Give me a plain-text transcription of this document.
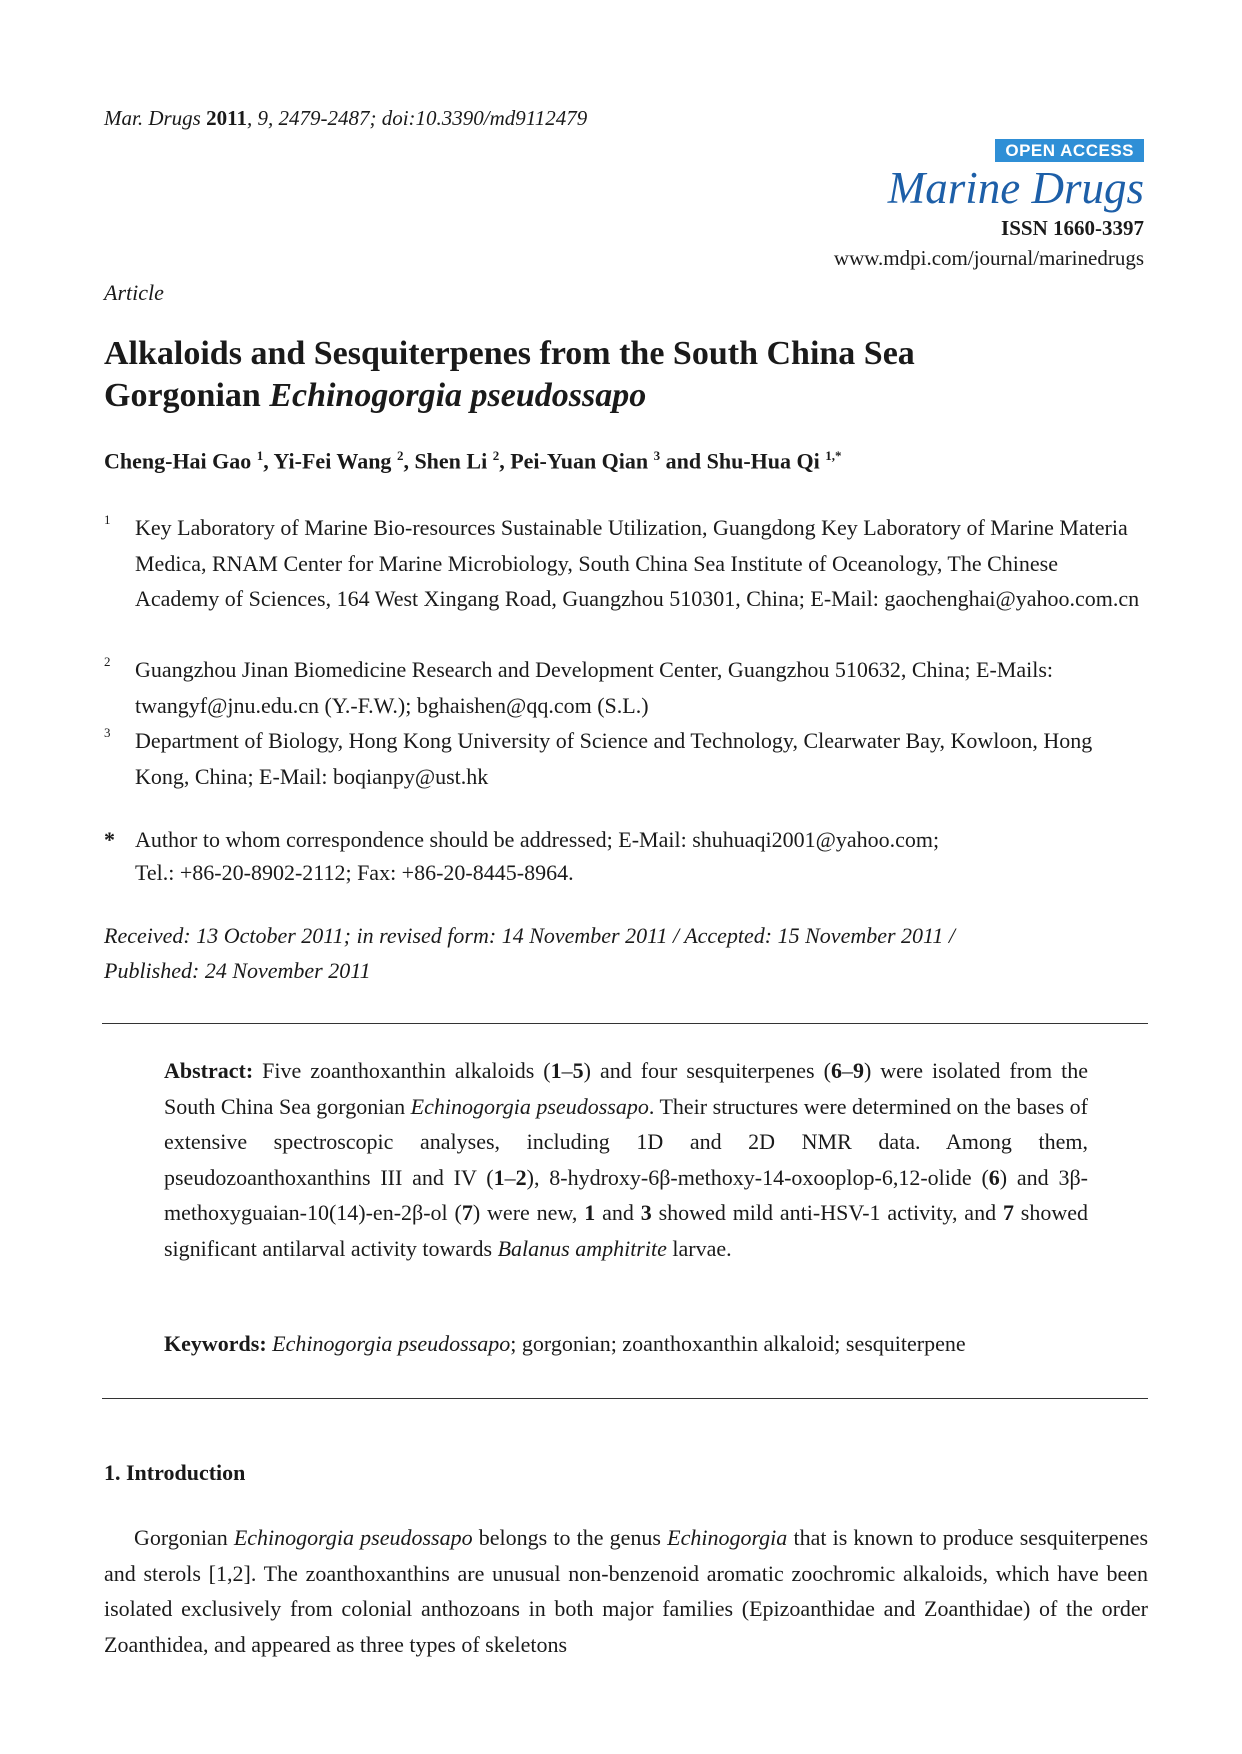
Mar. Drugs 2011, 9, 2479-2487; doi:10.3390/md9112479
OPEN ACCESS
Marine Drugs
ISSN 1660-3397
www.mdpi.com/journal/marinedrugs
Article
Alkaloids and Sesquiterpenes from the South China Sea
Gorgonian Echinogorgia pseudossapo
Cheng-Hai Gao $^1$, Yi-Fei Wang $^2$, Shen Li $^2$, Pei-Yuan Qian $^3$ and Shu-Hua Qi $^{1,*}$
1 Key Laboratory of Marine Bio-resources Sustainable Utilization, Guangdong Key Laboratory of Marine Materia Medica, RNAM Center for Marine Microbiology, South China Sea Institute of Oceanology, The Chinese Academy of Sciences, 164 West Xingang Road, Guangzhou 510301, China; E-Mail: gaochenghai@yahoo.com.cn
2 Guangzhou Jinan Biomedicine Research and Development Center, Guangzhou 510632, China; E-Mails: twangyf@jnu.edu.cn (Y.-F.W.); bghaishen@qq.com (S.L.)
3 Department of Biology, Hong Kong University of Science and Technology, Clearwater Bay, Kowloon, Hong Kong, China; E-Mail: boqianpy@ust.hk
* Author to whom correspondence should be addressed; E-Mail: shuhuaqi2001@yahoo.com;
Tel.: +86-20-8902-2112; Fax: +86-20-8445-8964.
Received: 13 October 2011; in revised form: 14 November 2011 / Accepted: 15 November 2011 /
Published: 24 November 2011

Abstract: Five zoanthoxanthin alkaloids (1–5) and four sesquiterpenes (6–9) were isolated from the South China Sea gorgonian Echinogorgia pseudossapo. Their structures were determined on the bases of extensive spectroscopic analyses, including 1D and 2D NMR data. Among them, pseudozoanthoxanthins III and IV (1–2), 8-hydroxy-6β-methoxy-14-oxooplop-6,12-olide (6) and 3β-methoxyguaian-10(14)-en-2β-ol (7) were new, 1 and 3 showed mild anti-HSV-1 activity, and 7 showed significant antilarval activity towards Balanus amphitrite larvae.

Keywords: Echinogorgia pseudossapo; gorgonian; zoanthoxanthin alkaloid; sesquiterpene

1. Introduction

Gorgonian Echinogorgia pseudossapo belongs to the genus Echinogorgia that is known to produce sesquiterpenes and sterols [1,2]. The zoanthoxanthins are unusual non-benzenoid aromatic zoochromic alkaloids, which have been isolated exclusively from colonial anthozoans in both major families (Epizoanthidae and Zoanthidae) of the order Zoanthidea, and appeared as three types of skeletons
